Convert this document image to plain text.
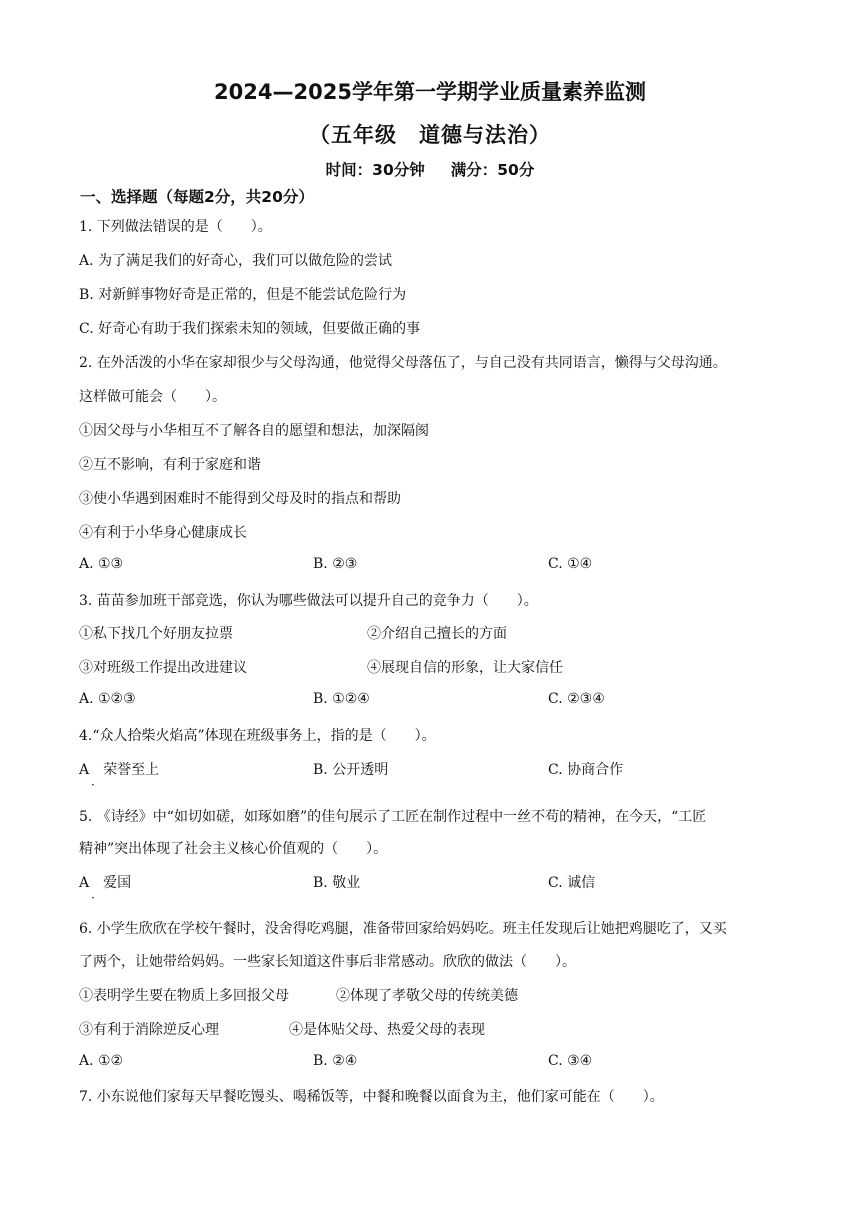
2024—2025学年第一学期学业质量素养监测
（五年级　道德与法治）
时间：30分钟 满分：50分
一、选择题（每题2分，共20分）
1. 下列做法错误的是（　　）。
A. 为了满足我们的好奇心，我们可以做危险的尝试
B. 对新鲜事物好奇是正常的，但是不能尝试危险行为
C. 好奇心有助于我们探索未知的领域，但要做正确的事
2. 在外活泼的小华在家却很少与父母沟通，他觉得父母落伍了，与自己没有共同语言，懒得与父母沟通。
这样做可能会（　　）。
①因父母与小华相互不了解各自的愿望和想法，加深隔阂
②互不影响，有利于家庭和谐
③使小华遇到困难时不能得到父母及时的指点和帮助
④有利于小华身心健康成长
A. ①③	B. ②③	C. ①④
3. 苗苗参加班干部竞选，你认为哪些做法可以提升自己的竞争力（　　）。
①私下找几个好朋友拉票	②介绍自己擅长的方面
③对班级工作提出改进建议	④展现自信的形象，让大家信任
A. ①②③	B. ①②④	C. ②③④
4.“众人拾柴火焰高”体现在班级事务上，指的是（　　）。
A　荣誉至上
·
B. 公开透明	C. 协商合作
5. 《诗经》中“如切如磋，如琢如磨”的佳句展示了工匠在制作过程中一丝不苟的精神，在今天，“工匠
精神”突出体现了社会主义核心价值观的（　　）。
A　爱国
·
B. 敬业	C. 诚信
6. 小学生欣欣在学校午餐时，没舍得吃鸡腿，准备带回家给妈妈吃。班主任发现后让她把鸡腿吃了，又买
了两个，让她带给妈妈。一些家长知道这件事后非常感动。欣欣的做法（　　）。
①表明学生要在物质上多回报父母	②体现了孝敬父母的传统美德
③有利于消除逆反心理	④是体贴父母、热爱父母的表现
A. ①②	B. ②④	C. ③④
7. 小东说他们家每天早餐吃馒头、喝稀饭等，中餐和晚餐以面食为主，他们家可能在（　　）。
